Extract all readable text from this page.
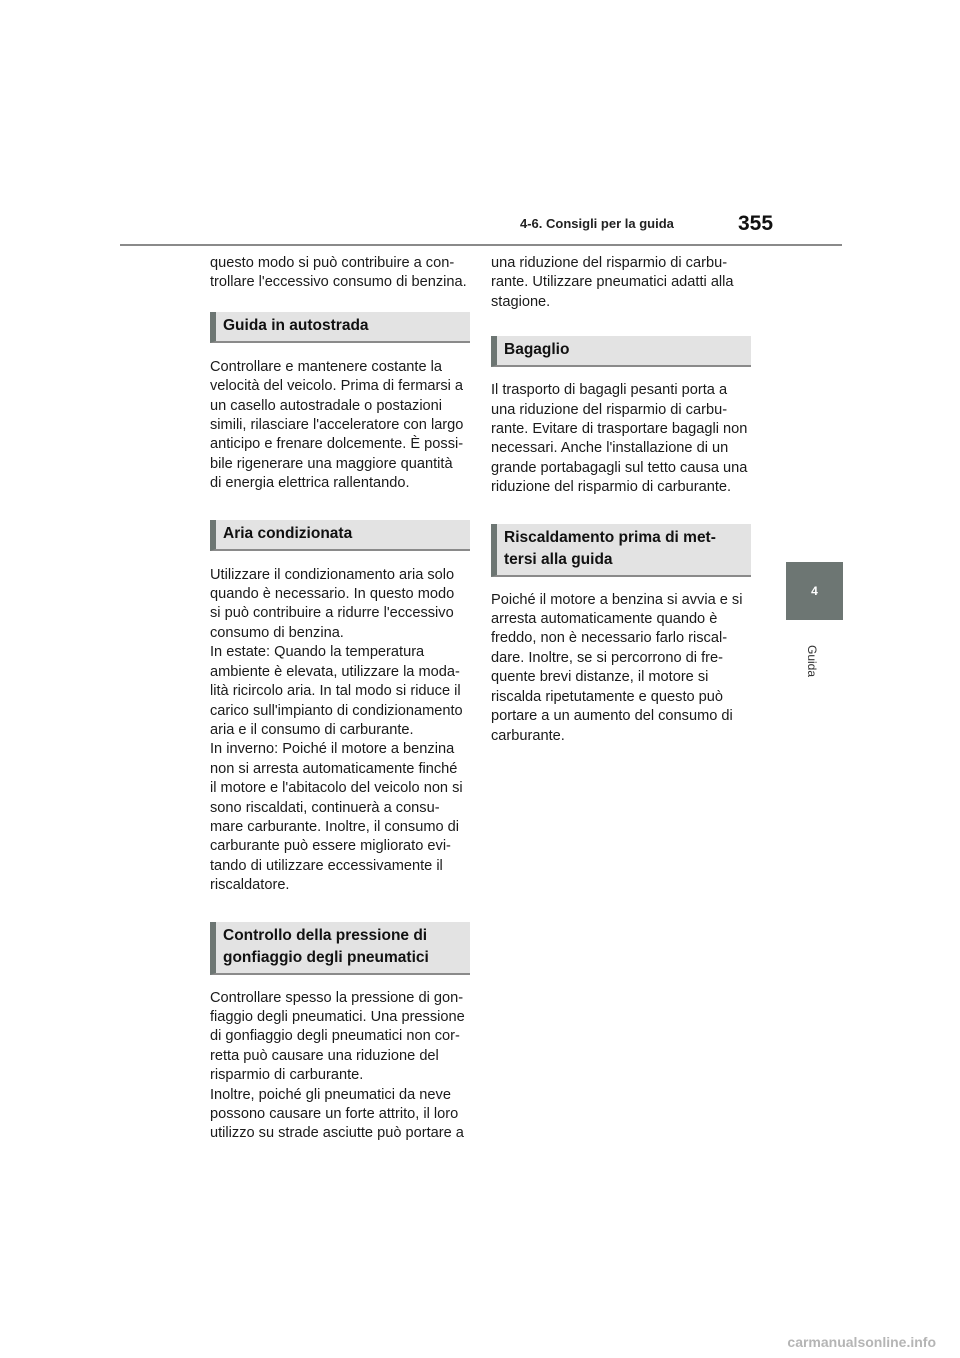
4-6. Consigli per la guida	355
4
Guida

questo modo si può contribuire a con-
trollare l'eccessivo consumo di benzina.

Guida in autostrada

Controllare e mantenere costante la
velocità del veicolo. Prima di fermarsi a
un casello autostradale o postazioni
simili, rilasciare l'acceleratore con largo
anticipo e frenare dolcemente. È possi-
bile rigenerare una maggiore quantità
di energia elettrica rallentando.

Aria condizionata

Utilizzare il condizionamento aria solo
quando è necessario. In questo modo
si può contribuire a ridurre l'eccessivo
consumo di benzina.
In estate: Quando la temperatura
ambiente è elevata, utilizzare la moda-
lità ricircolo aria. In tal modo si riduce il
carico sull'impianto di condizionamento
aria e il consumo di carburante.
In inverno: Poiché il motore a benzina
non si arresta automaticamente finché
il motore e l'abitacolo del veicolo non si
sono riscaldati, continuerà a consu-
mare carburante. Inoltre, il consumo di
carburante può essere migliorato evi-
tando di utilizzare eccessivamente il
riscaldatore.

Controllo della pressione di
gonfiaggio degli pneumatici

Controllare spesso la pressione di gon-
fiaggio degli pneumatici. Una pressione
di gonfiaggio degli pneumatici non cor-
retta può causare una riduzione del
risparmio di carburante.
Inoltre, poiché gli pneumatici da neve
possono causare un forte attrito, il loro
utilizzo su strade asciutte può portare a

una riduzione del risparmio di carbu-
rante. Utilizzare pneumatici adatti alla
stagione.

Bagaglio

Il trasporto di bagagli pesanti porta a
una riduzione del risparmio di carbu-
rante. Evitare di trasportare bagagli non
necessari. Anche l'installazione di un
grande portabagagli sul tetto causa una
riduzione del risparmio di carburante.

Riscaldamento prima di met-
tersi alla guida

Poiché il motore a benzina si avvia e si
arresta automaticamente quando è
freddo, non è necessario farlo riscal-
dare. Inoltre, se si percorrono di fre-
quente brevi distanze, il motore si
riscalda ripetutamente e questo può
portare a un aumento del consumo di
carburante.

carmanualsonline.info
